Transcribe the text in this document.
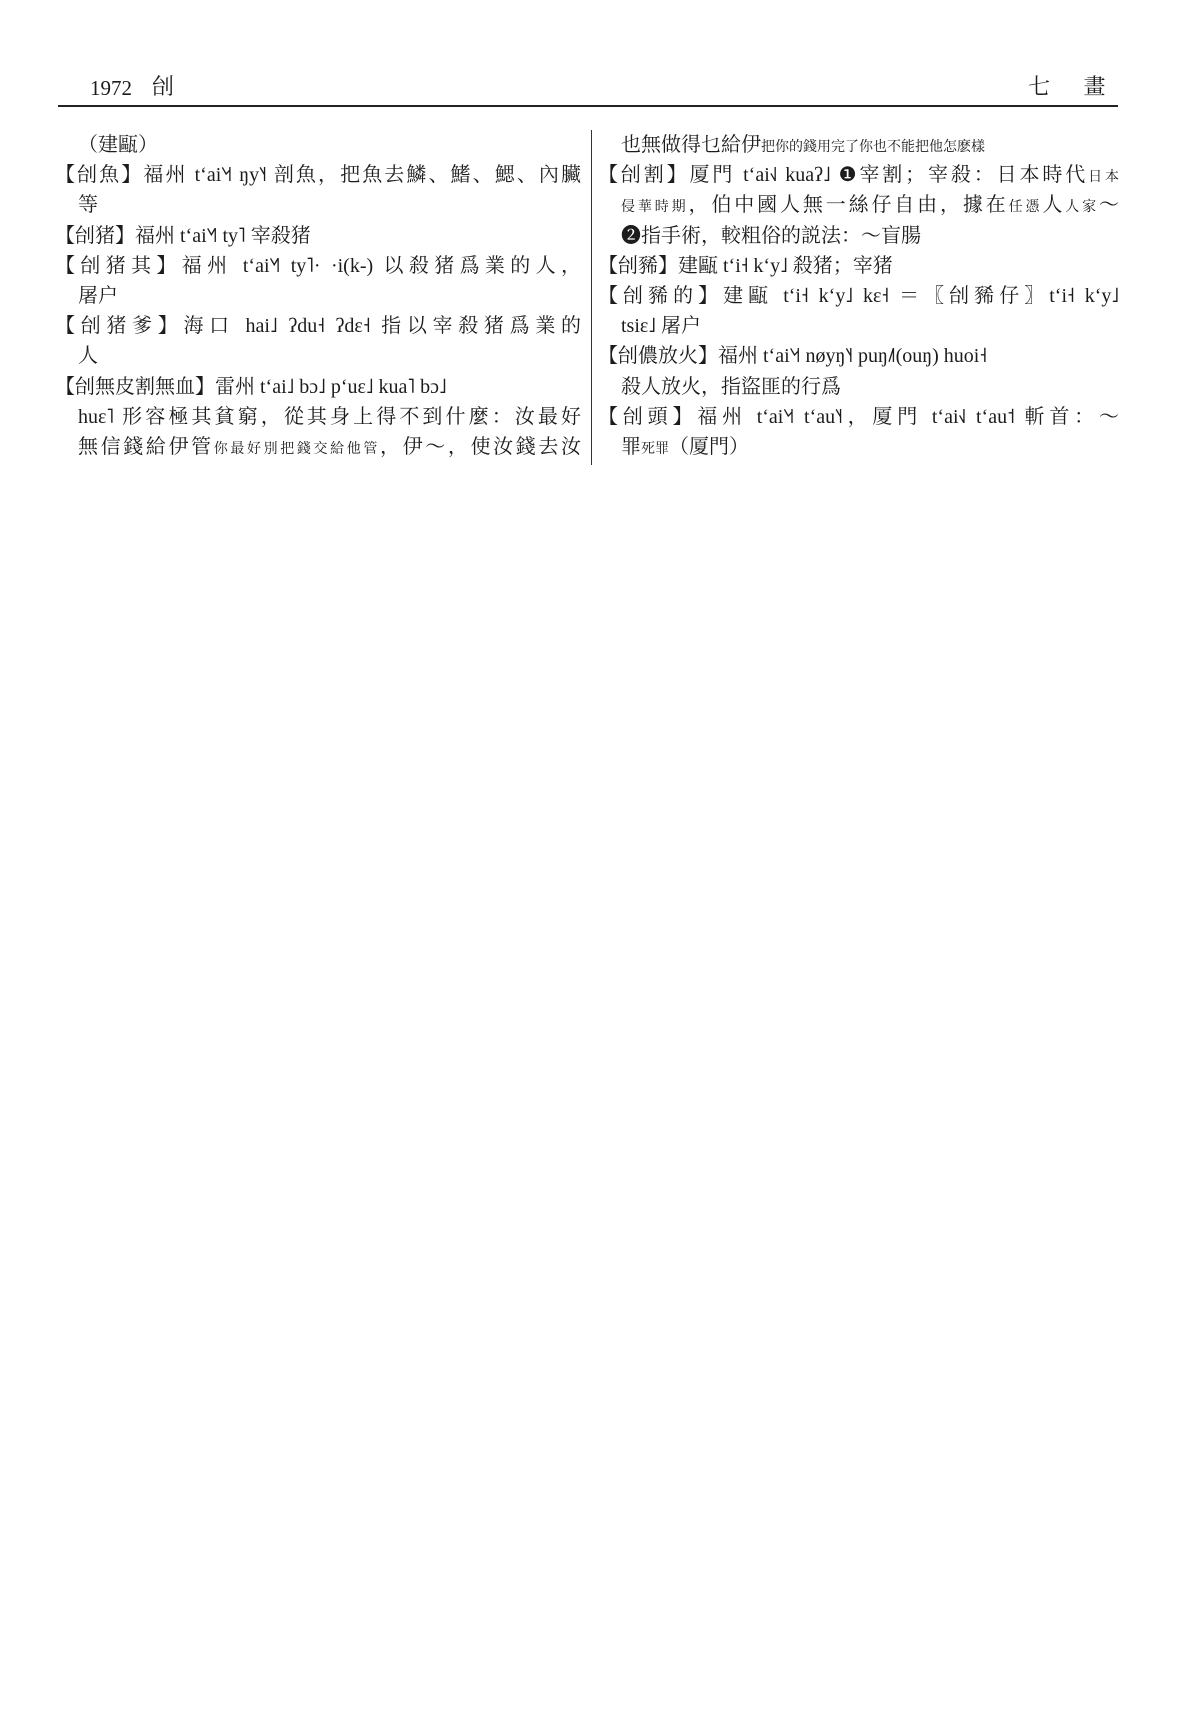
1972 刣	七 畫
（建甌）
【刣魚】福州 tʻai˥˧˦ ŋy˥˧ 剖魚，把魚去鱗、鰭、鰓、內臟
等
【刣猪】福州 tʻai˥˧˥ ty˥ 宰殺猪
【刣猪其】福州 tʻai˥˧˥ ty˥· ·i(k-) 以殺猪爲業的人，
屠户
【刣猪爹】海口 hai˩ ʔdu˧ ʔdɛ˧ 指以宰殺猪爲業的
人
【刣無皮割無血】雷州 tʻai˩ bɔ˩ pʻuɛ˩ kua˥ bɔ˩
huɛ˥ 形容極其貧窮，從其身上得不到什麼：汝最好
無信錢給伊管你最好別把錢交給他管，伊～，使汝錢去汝
也無做得乜給伊把你的錢用完了你也不能把他怎麽樣
【刣割】厦門 tʻai˧˩ kuaʔ˩ ❶宰割；宰殺：日本時代日本
侵華時期，伯中國人無一絲仔自由，據在任憑人人家～
❷指手術，較粗俗的説法：～盲腸
【刣豨】建甌 tʻi˧ kʻy˩ 殺猪；宰猪
【刣豨的】建甌 tʻi˧ kʻy˩ kɛ˧ ＝〖刣豨仔〗tʻi˧ kʻy˩
tsiɛ˩ 屠户
【刣儂放火】福州 tʻai˥˧˦ nøyŋ˥˧ puŋ˩˥(ouŋ) huoi˧
殺人放火，指盜匪的行爲
【刣頭】福州 tʻai˥˧˦ tʻau˥˧，厦門 tʻai˧˩ tʻau˦ 斬首：～
罪死罪（厦門）
